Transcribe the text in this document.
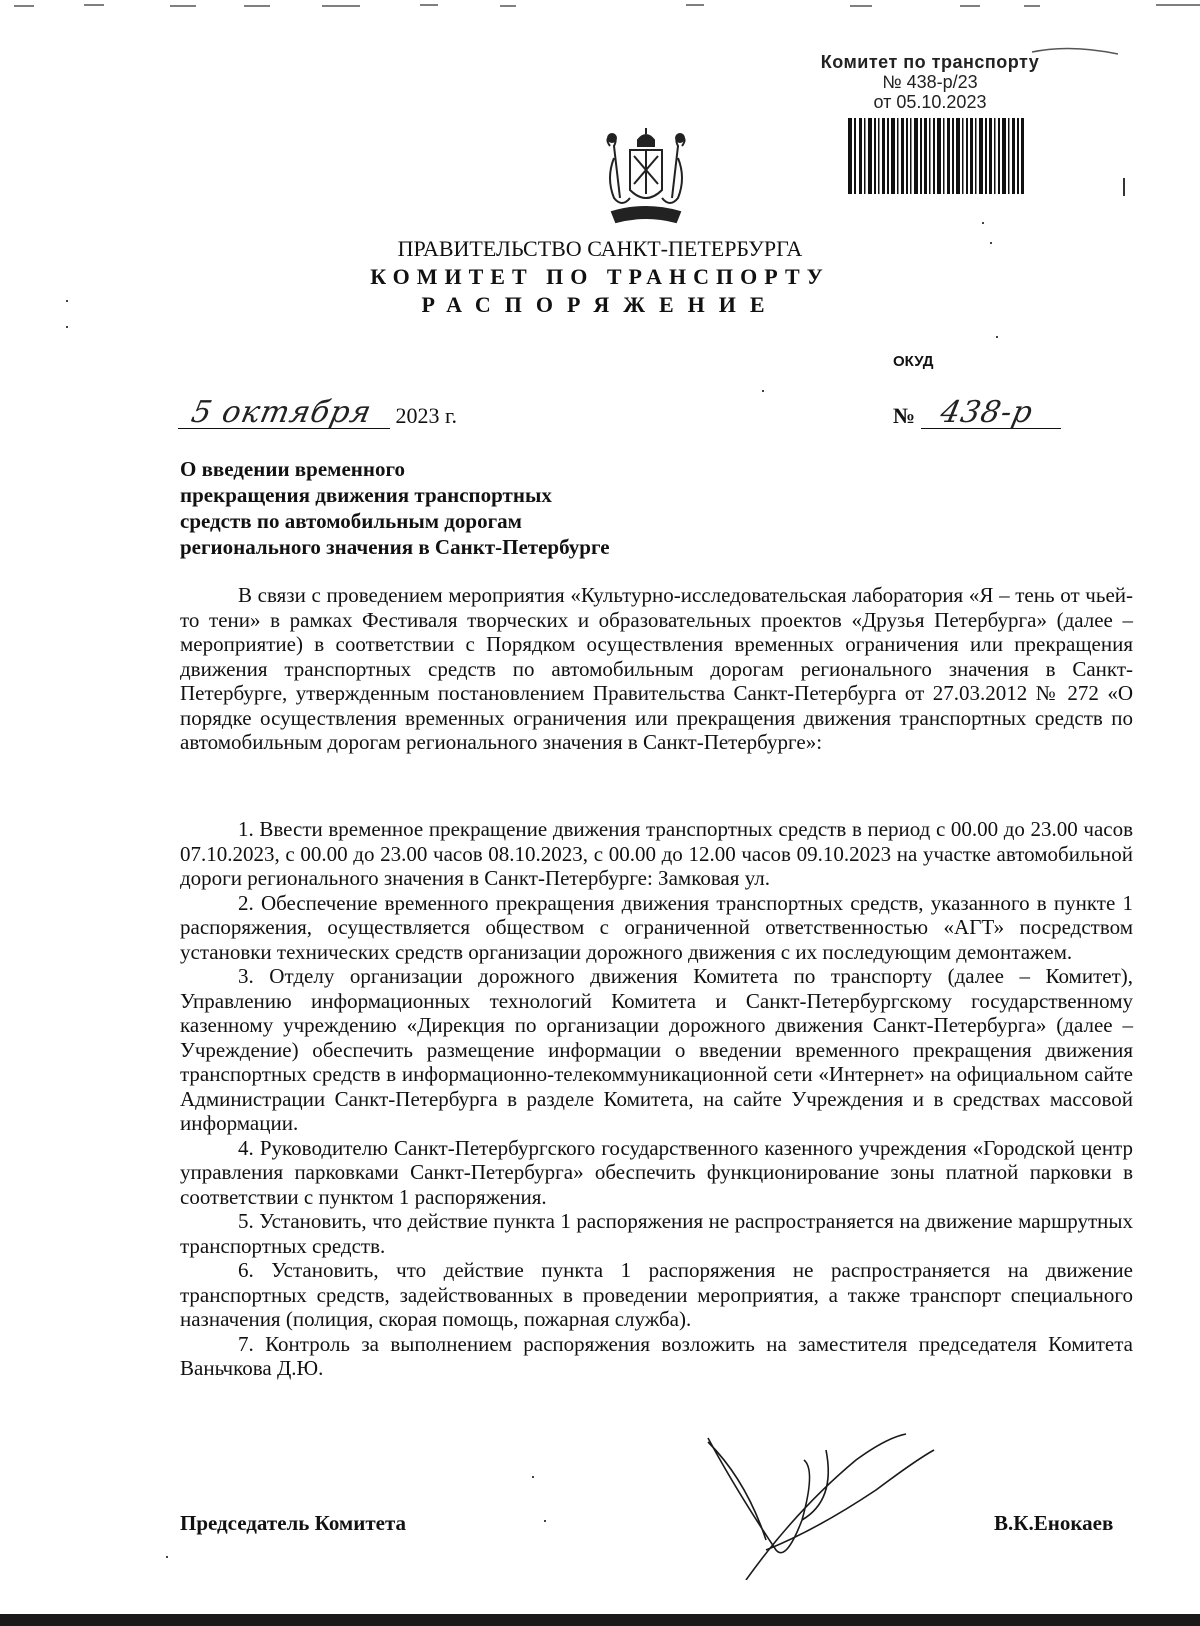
Комитет по транспорту
№ 438-р/23
от 05.10.2023
ПРАВИТЕЛЬСТВО САНКТ-ПЕТЕРБУРГА
КОМИТЕТ ПО ТРАНСПОРТУ
РАСПОРЯЖЕНИЕ
ОКУД
5 октября 2023 г.	№ 438-р
О введении временного
прекращения движения транспортных
средств по автомобильным дорогам
регионального значения в Санкт-Петербурге

В связи с проведением мероприятия «Культурно-исследовательская лаборатория «Я – тень от чьей-то тени» в рамках Фестиваля творческих и образовательных проектов «Друзья Петербурга» (далее – мероприятие) в соответствии с Порядком осуществления временных ограничения или прекращения движения транспортных средств по автомобильным дорогам регионального значения в Санкт-Петербурге, утвержденным постановлением Правительства Санкт-Петербурга от 27.03.2012 № 272 «О порядке осуществления временных ограничения или прекращения движения транспортных средств по автомобильным дорогам регионального значения в Санкт-Петербурге»:

1. Ввести временное прекращение движения транспортных средств в период с 00.00 до 23.00 часов 07.10.2023, с 00.00 до 23.00 часов 08.10.2023, с 00.00 до 12.00 часов 09.10.2023 на участке автомобильной дороги регионального значения в Санкт-Петербурге: Замковая ул.

2. Обеспечение временного прекращения движения транспортных средств, указанного в пункте 1 распоряжения, осуществляется обществом с ограниченной ответственностью «АГТ» посредством установки технических средств организации дорожного движения с их последующим демонтажем.

3. Отделу организации дорожного движения Комитета по транспорту (далее – Комитет), Управлению информационных технологий Комитета и Санкт-Петербургскому государственному казенному учреждению «Дирекция по организации дорожного движения Санкт-Петербурга» (далее – Учреждение) обеспечить размещение информации о введении временного прекращения движения транспортных средств в информационно-телекоммуникационной сети «Интернет» на официальном сайте Администрации Санкт-Петербурга в разделе Комитета, на сайте Учреждения и в средствах массовой информации.

4. Руководителю Санкт-Петербургского государственного казенного учреждения «Городской центр управления парковками Санкт-Петербурга» обеспечить функционирование зоны платной парковки в соответствии с пунктом 1 распоряжения.

5. Установить, что действие пункта 1 распоряжения не распространяется на движение маршрутных транспортных средств.

6. Установить, что действие пункта 1 распоряжения не распространяется на движение транспортных средств, задействованных в проведении мероприятия, а также транспорт специального назначения (полиция, скорая помощь, пожарная служба).

7. Контроль за выполнением распоряжения возложить на заместителя председателя Комитета Ваньчкова Д.Ю.

Председатель Комитета	В.К.Енокаев
